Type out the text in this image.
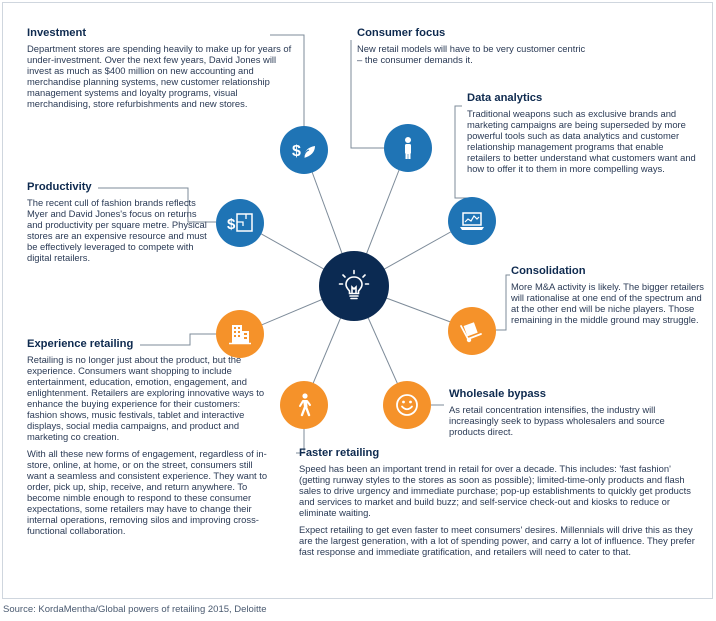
$
$
Investment

Department stores are spending heavily to make up for years of under-investment. Over the next few years, David Jones will invest as much as $400 million on new accounting and merchandise planning systems, new customer relationship management systems and loyalty programs, visual merchandising, store refurbishments and new stores.

Consumer focus

New retail models will have to be very customer centric – the consumer demands it.

Data analytics

Traditional weapons such as exclusive brands and marketing campaigns are being superseded by more powerful tools such as data analytics and customer relationship management programs that enable retailers to better understand what customers want and how to offer it to them in more compelling ways.

Productivity

The recent cull of fashion brands reflects Myer and David Jones's focus on returns and productivity per square metre. Physical stores are an expensive resource and must be effectively leveraged to compete with digital retailers.

Consolidation

More M&A activity is likely. The bigger retailers will rationalise at one end of the spectrum and at the other end will be niche players. Those remaining in the middle ground may struggle.

Experience retailing

Retailing is no longer just about the product, but the experience. Consumers want shopping to include entertainment, education, emotion, engagement, and enlightenment. Retailers are exploring innovative ways to enhance the buying experience for their customers: fashion shows, music festivals, tablet and interactive displays, social media campaigns, and product and marketing co creation.

With all these new forms of engagement, regardless of in-store, online, at home, or on the street, consumers still want a seamless and consistent experience. They want to order, pick up, ship, receive, and return anywhere. To become nimble enough to respond to these consumer expectations, some retailers may have to change their internal operations, removing silos and improving cross-functional collaboration.

Wholesale bypass

As retail concentration intensifies, the industry will increasingly seek to bypass wholesalers and source products direct.

Faster retailing

Speed has been an important trend in retail for over a decade. This includes: 'fast fashion' (getting runway styles to the stores as soon as possible); limited-time-only products and flash sales to drive urgency and immediate purchase; pop-up establishments to quickly get products and services to market and build buzz; and self-service check-out and kiosks to reduce or eliminate waiting.

Expect retailing to get even faster to meet consumers' desires. Millennials will drive this as they are the largest generation, with a lot of spending power, and carry a lot of influence. They prefer fast response and immediate gratification, and retailers will need to cater to that.

Source: KordaMentha/Global powers of retailing 2015, Deloitte
